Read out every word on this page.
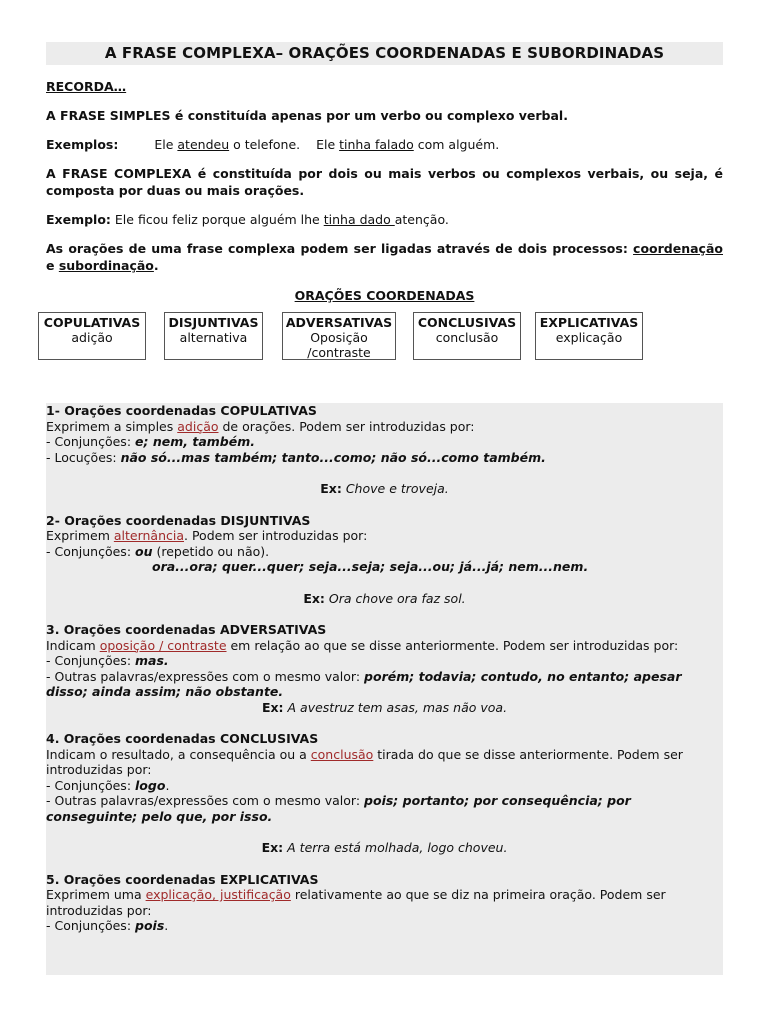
A FRASE COMPLEXA– ORAÇÕES COORDENADAS E SUBORDINADAS

RECORDA…

A FRASE SIMPLES é constituída apenas por um verbo ou complexo verbal.

Exemplos:	Ele atendeu o telefone. Ele tinha falado com alguém.

A FRASE COMPLEXA é constituída por dois ou mais verbos ou complexos verbais, ou seja, é composta por duas ou mais orações.

Exemplo: Ele ficou feliz porque alguém lhe tinha dado atenção.

As orações de uma frase complexa podem ser ligadas através de dois processos: coordenação e subordinação.

ORAÇÕES COORDENADAS
COPULATIVAS
adição
DISJUNTIVAS
alternativa
ADVERSATIVAS
Oposição
/contraste
CONCLUSIVAS
conclusão
EXPLICATIVAS
explicação

1- Orações coordenadas COPULATIVAS

Exprimem a simples adição de orações. Podem ser introduzidas por:

- Conjunções: e; nem, também.

- Locuções: não só...mas também; tanto...como; não só...como também.

Ex: Chove e troveja.

2- Orações coordenadas DISJUNTIVAS

Exprimem alternância. Podem ser introduzidas por:

- Conjunções: ou (repetido ou não).

ora...ora; quer...quer; seja...seja; seja...ou; já...já; nem...nem.

Ex: Ora chove ora faz sol.

3. Orações coordenadas ADVERSATIVAS

Indicam oposição / contraste em relação ao que se disse anteriormente. Podem ser introduzidas por:

- Conjunções: mas.

- Outras palavras/expressões com o mesmo valor: porém; todavia; contudo, no entanto; apesar disso; ainda assim; não obstante.

Ex: A avestruz tem asas, mas não voa.

4. Orações coordenadas CONCLUSIVAS

Indicam o resultado, a consequência ou a conclusão tirada do que se disse anteriormente. Podem ser introduzidas por:

- Conjunções: logo.

- Outras palavras/expressões com o mesmo valor: pois; portanto; por consequência; por conseguinte; pelo que, por isso.

Ex: A terra está molhada, logo choveu.

5. Orações coordenadas EXPLICATIVAS

Exprimem uma explicação, justificação relativamente ao que se diz na primeira oração. Podem ser introduzidas por:

- Conjunções: pois.
